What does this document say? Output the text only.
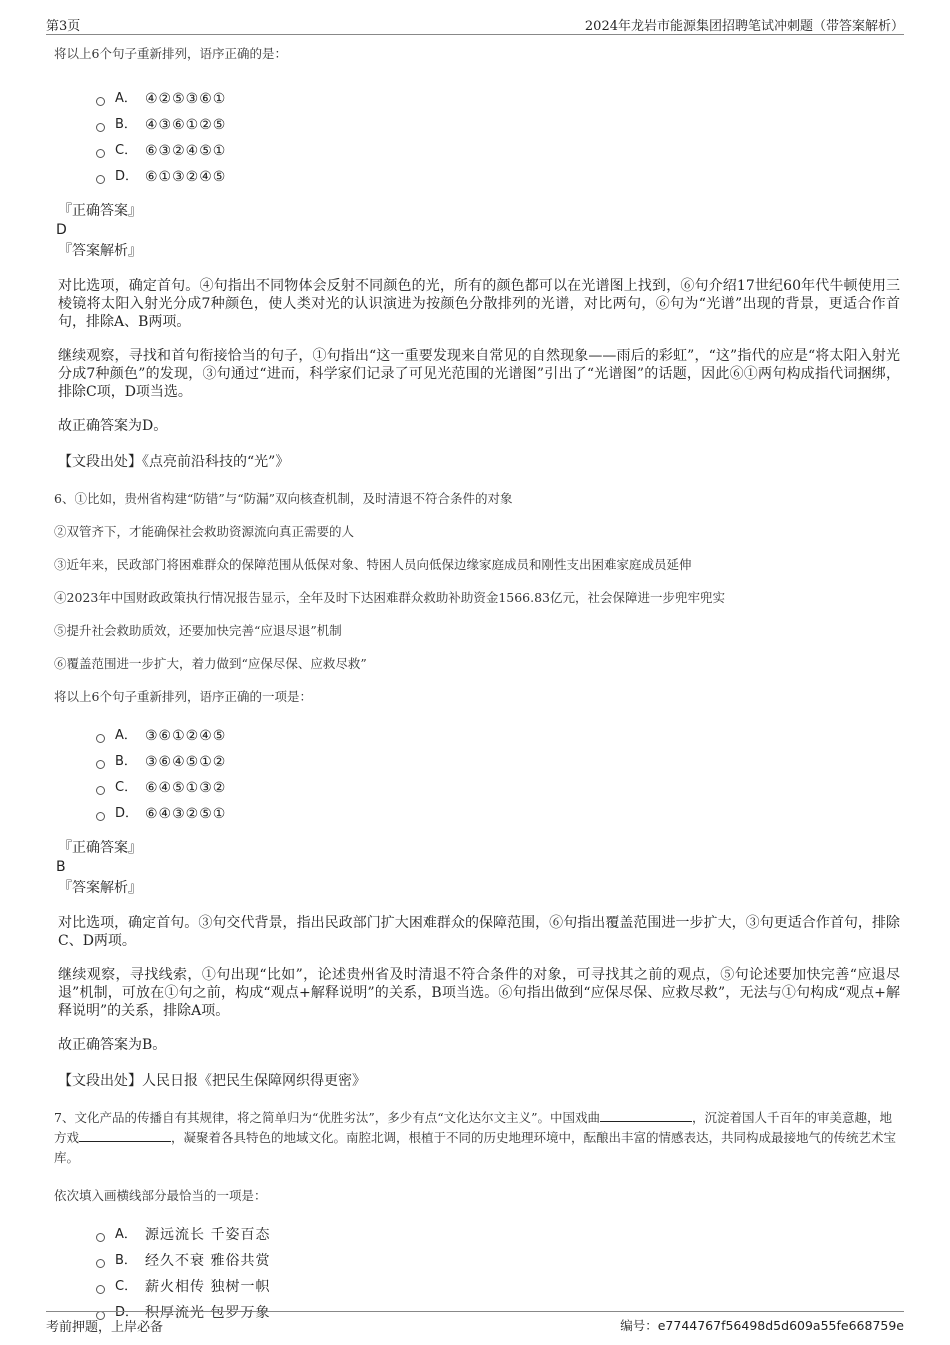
第3页	2024年龙岩市能源集团招聘笔试冲刺题（带答案解析）

将以上6个句子重新排列，语序正确的是：

A． ④②⑤③⑥①
B． ④③⑥①②⑤
C． ⑥③②④⑤①
D． ⑥①③②④⑤
『正确答案』
D
『答案解析』

对比选项，确定首句。④句指出不同物体会反射不同颜色的光，所有的颜色都可以在光谱图上找到，⑥句介绍17世纪60年代牛顿使用三棱镜将太阳入射光分成7种颜色，使人类对光的认识演进为按颜色分散排列的光谱，对比两句，⑥句为“光谱”出现的背景，更适合作首句，排除A、B两项。

继续观察，寻找和首句衔接恰当的句子，①句指出“这一重要发现来自常见的自然现象——雨后的彩虹”，“这”指代的应是“将太阳入射光分成7种颜色”的发现，③句通过“进而，科学家们记录了可见光范围的光谱图”引出了“光谱图”的话题，因此⑥①两句构成指代词捆绑，排除C项，D项当选。

故正确答案为D。

【文段出处】《点亮前沿科技的“光”》

6、①比如，贵州省构建“防错”与“防漏”双向核查机制，及时清退不符合条件的对象

②双管齐下，才能确保社会救助资源流向真正需要的人

③近年来，民政部门将困难群众的保障范围从低保对象、特困人员向低保边缘家庭成员和刚性支出困难家庭成员延伸

④2023年中国财政政策执行情况报告显示，全年及时下达困难群众救助补助资金1566.83亿元，社会保障进一步兜牢兜实

⑤提升社会救助质效，还要加快完善“应退尽退”机制

⑥覆盖范围进一步扩大，着力做到“应保尽保、应救尽救”

将以上6个句子重新排列，语序正确的一项是：

A． ③⑥①②④⑤
B． ③⑥④⑤①②
C． ⑥④⑤①③②
D． ⑥④③②⑤①
『正确答案』
B
『答案解析』

对比选项，确定首句。③句交代背景，指出民政部门扩大困难群众的保障范围，⑥句指出覆盖范围进一步扩大，③句更适合作首句，排除C、D两项。

继续观察，寻找线索，①句出现“比如”，论述贵州省及时清退不符合条件的对象，可寻找其之前的观点，⑤句论述要加快完善“应退尽退”机制，可放在①句之前，构成“观点+解释说明”的关系，B项当选。⑥句指出做到“应保尽保、应救尽救”，无法与①句构成“观点+解释说明”的关系，排除A项。

故正确答案为B。

【文段出处】人民日报《把民生保障网织得更密》

7、文化产品的传播自有其规律，将之简单归为“优胜劣汰”，多少有点“文化达尔文主义”。中国戏曲	，沉淀着国人千百年的审美意趣，地方戏	，凝聚着各具特色的地域文化。南腔北调，根植于不同的历史地理环境中，酝酿出丰富的情感表达，共同构成最接地气的传统艺术宝库。

依次填入画横线部分最恰当的一项是：

A． 源远流长 千姿百态
B． 经久不衰 雅俗共赏
C． 薪火相传 独树一帜
D． 积厚流光 包罗万象
考前押题，上岸必备	编号：e7744767f56498d5d609a55fe668759e
